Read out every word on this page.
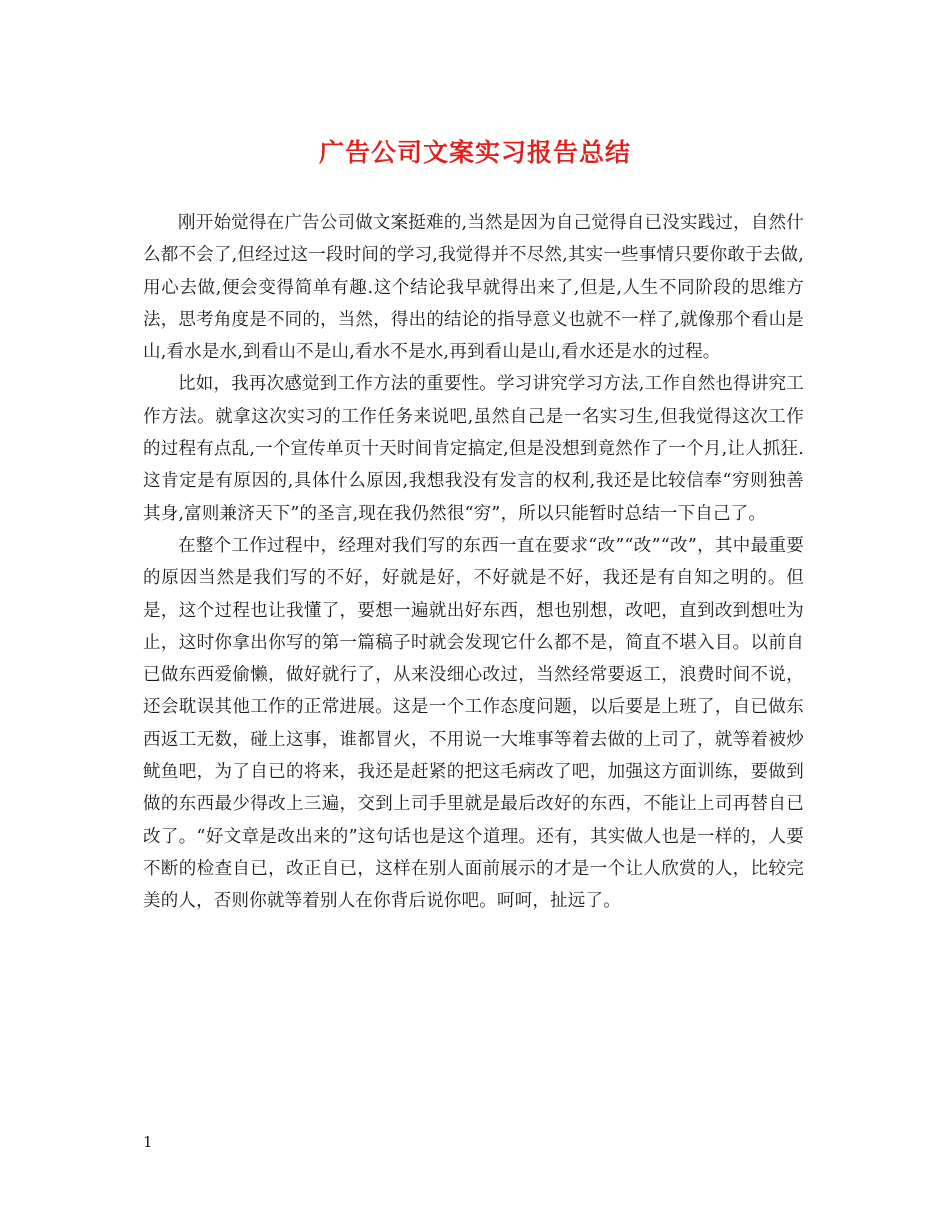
广告公司文案实习报告总结

刚开始觉得在广告公司做文案挺难的,当然是因为自己觉得自已没实践过，自然什么都不会了,但经过这一段时间的学习,我觉得并不尽然,其实一些事情只要你敢于去做,用心去做,便会变得简单有趣.这个结论我早就得出来了,但是,人生不同阶段的思维方法，思考角度是不同的，当然，得出的结论的指导意义也就不一样了,就像那个看山是山,看水是水,到看山不是山,看水不是水,再到看山是山,看水还是水的过程。

比如，我再次感觉到工作方法的重要性。学习讲究学习方法,工作自然也得讲究工作方法。就拿这次实习的工作任务来说吧,虽然自己是一名实习生,但我觉得这次工作的过程有点乱,一个宣传单页十天时间肯定搞定,但是没想到竟然作了一个月,让人抓狂.这肯定是有原因的,具体什么原因,我想我没有发言的权利,我还是比较信奉“穷则独善其身,富则兼济天下”的圣言,现在我仍然很“穷”，所以只能暂时总结一下自己了。

在整个工作过程中，经理对我们写的东西一直在要求“改”“改”“改”，其中最重要的原因当然是我们写的不好，好就是好，不好就是不好，我还是有自知之明的。但是，这个过程也让我懂了，要想一遍就出好东西，想也别想，改吧，直到改到想吐为止，这时你拿出你写的第一篇稿子时就会发现它什么都不是，简直不堪入目。以前自已做东西爱偷懒，做好就行了，从来没细心改过，当然经常要返工，浪费时间不说，还会耽误其他工作的正常进展。这是一个工作态度问题，以后要是上班了，自已做东西返工无数，碰上这事，谁都冒火，不用说一大堆事等着去做的上司了，就等着被炒鱿鱼吧，为了自已的将来，我还是赶紧的把这毛病改了吧，加强这方面训练，要做到做的东西最少得改上三遍，交到上司手里就是最后改好的东西，不能让上司再替自已改了。“好文章是改出来的”这句话也是这个道理。还有，其实做人也是一样的，人要不断的检查自已，改正自已，这样在别人面前展示的才是一个让人欣赏的人，比较完美的人，否则你就等着别人在你背后说你吧。呵呵，扯远了。

1
